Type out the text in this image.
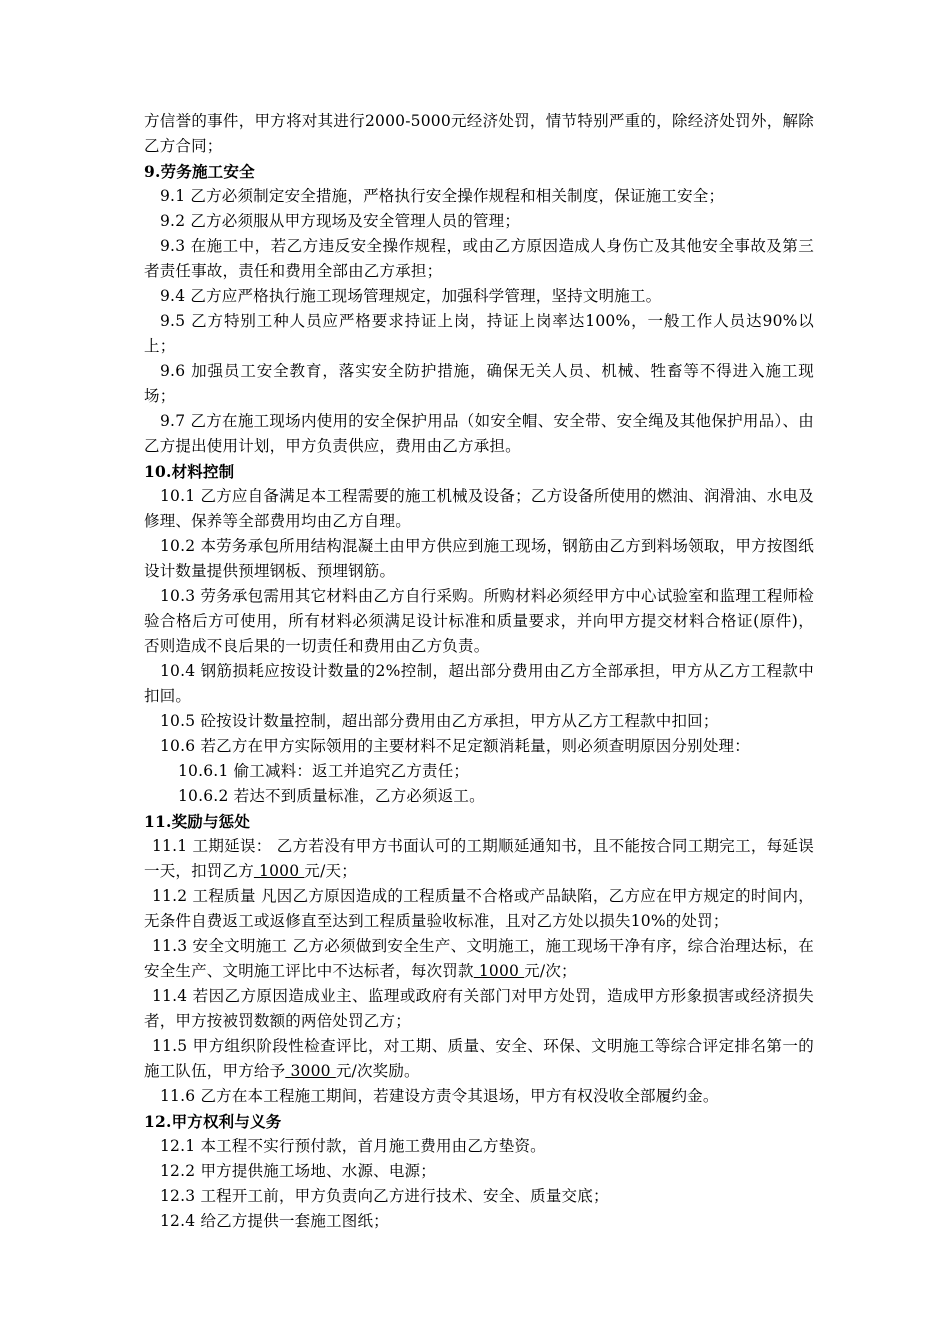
方信誉的事件，甲方将对其进行2000-5000元经济处罚，情节特别严重的，除经济处罚外，解除乙方合同；

9.劳务施工安全

9.1 乙方必须制定安全措施，严格执行安全操作规程和相关制度，保证施工安全；

9.2 乙方必须服从甲方现场及安全管理人员的管理；

9.3 在施工中，若乙方违反安全操作规程，或由乙方原因造成人身伤亡及其他安全事故及第三者责任事故，责任和费用全部由乙方承担；

9.4 乙方应严格执行施工现场管理规定，加强科学管理，坚持文明施工。

9.5 乙方特别工种人员应严格要求持证上岗，持证上岗率达100%，一般工作人员达90%以上；

9.6 加强员工安全教育，落实安全防护措施，确保无关人员、机械、牲畜等不得进入施工现场；

9.7 乙方在施工现场内使用的安全保护用品（如安全帽、安全带、安全绳及其他保护用品）、由乙方提出使用计划，甲方负责供应，费用由乙方承担。

10.材料控制

10.1 乙方应自备满足本工程需要的施工机械及设备；乙方设备所使用的燃油、润滑油、水电及修理、保养等全部费用均由乙方自理。

10.2 本劳务承包所用结构混凝土由甲方供应到施工现场，钢筋由乙方到料场领取，甲方按图纸设计数量提供预埋钢板、预埋钢筋。

10.3 劳务承包需用其它材料由乙方自行采购。所购材料必须经甲方中心试验室和监理工程师检验合格后方可使用，所有材料必须满足设计标准和质量要求，并向甲方提交材料合格证(原件)，否则造成不良后果的一切责任和费用由乙方负责。

10.4 钢筋损耗应按设计数量的2%控制，超出部分费用由乙方全部承担，甲方从乙方工程款中扣回。

10.5 砼按设计数量控制，超出部分费用由乙方承担，甲方从乙方工程款中扣回；

10.6 若乙方在甲方实际领用的主要材料不足定额消耗量，则必须查明原因分别处理：

10.6.1 偷工减料：返工并追究乙方责任；

10.6.2 若达不到质量标准，乙方必须返工。

11.奖励与惩处

11.1 工期延误： 乙方若没有甲方书面认可的工期顺延通知书，且不能按合同工期完工，每延误一天，扣罚乙方 1000 元/天；

11.2 工程质量 凡因乙方原因造成的工程质量不合格或产品缺陷，乙方应在甲方规定的时间内，无条件自费返工或返修直至达到工程质量验收标准，且对乙方处以损失10%的处罚；

11.3 安全文明施工 乙方必须做到安全生产、文明施工，施工现场干净有序，综合治理达标，在安全生产、文明施工评比中不达标者，每次罚款 1000 元/次；

11.4 若因乙方原因造成业主、监理或政府有关部门对甲方处罚，造成甲方形象损害或经济损失者，甲方按被罚数额的两倍处罚乙方；

11.5 甲方组织阶段性检查评比，对工期、质量、安全、环保、文明施工等综合评定排名第一的施工队伍，甲方给予 3000 元/次奖励。

11.6 乙方在本工程施工期间，若建设方责令其退场，甲方有权没收全部履约金。

12.甲方权利与义务

12.1 本工程不实行预付款，首月施工费用由乙方垫资。

12.2 甲方提供施工场地、水源、电源；

12.3 工程开工前，甲方负责向乙方进行技术、安全、质量交底；

12.4 给乙方提供一套施工图纸；
